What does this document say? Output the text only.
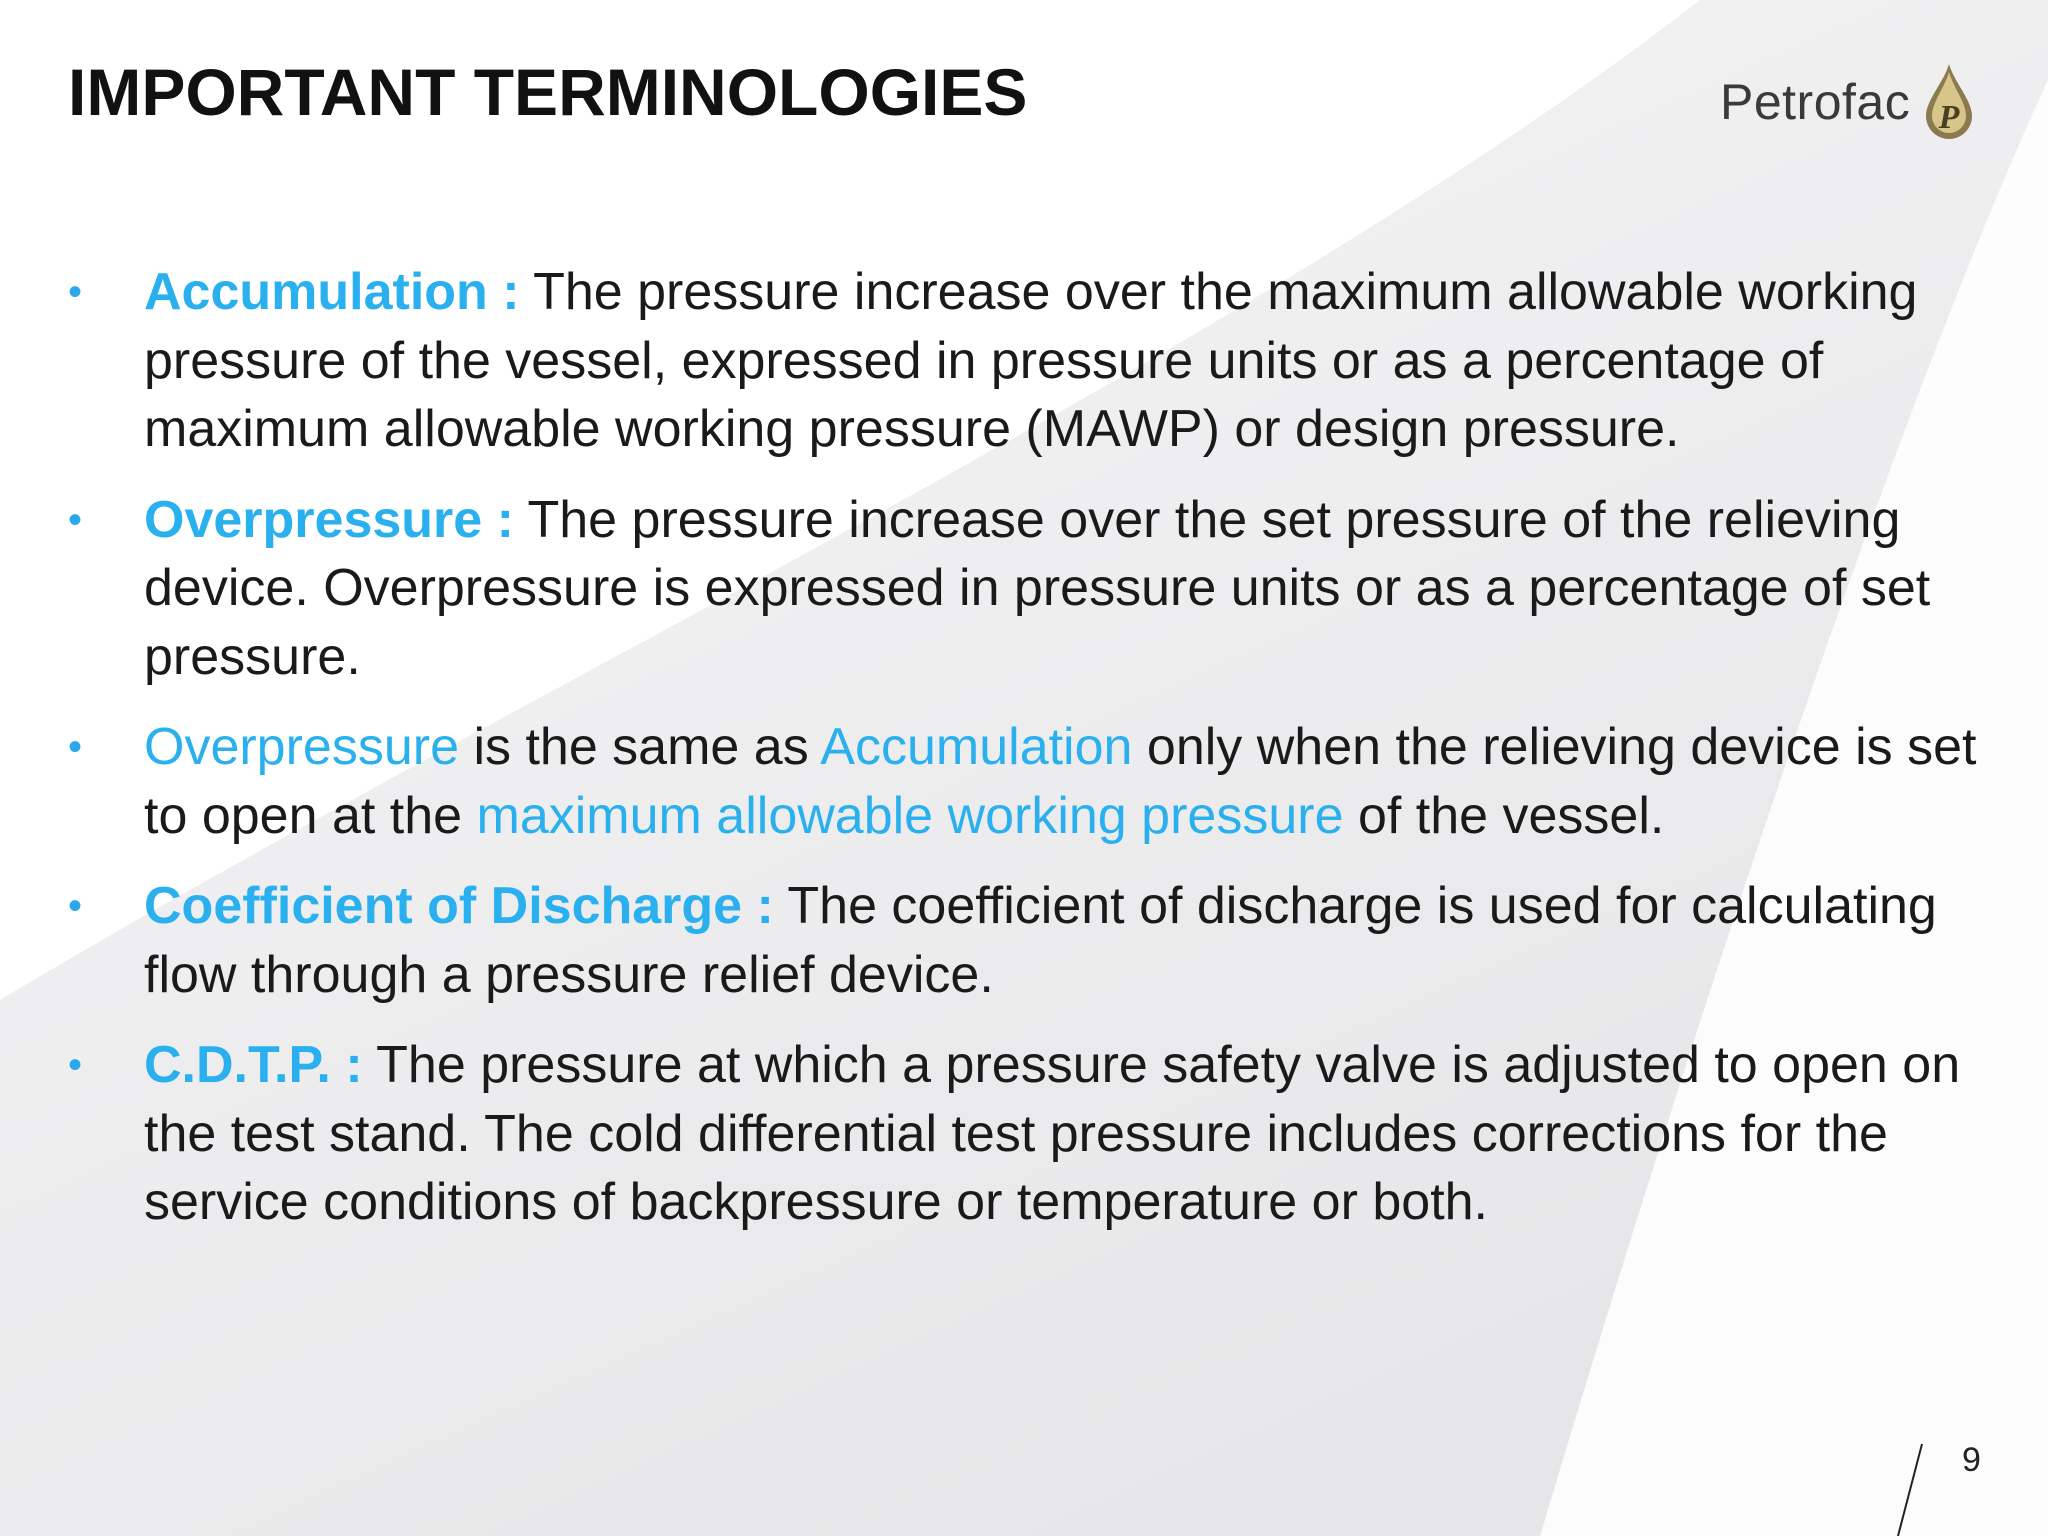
IMPORTANT TERMINOLOGIES	Petrofac P
• Accumulation : The pressure increase over the maximum allowable working pressure of the vessel, expressed in pressure units or as a percentage of maximum allowable working pressure (MAWP) or design pressure.
• Overpressure : The pressure increase over the set pressure of the relieving device. Overpressure is expressed in pressure units or as a percentage of set pressure.
• Overpressure is the same as Accumulation only when the relieving device is set to open at the maximum allowable working pressure of the vessel.
• Coefficient of Discharge : The coefficient of discharge is used for calculating flow through a pressure relief device.
• C.D.T.P. : The pressure at which a pressure safety valve is adjusted to open on the test stand. The cold differential test pressure includes corrections for the service conditions of backpressure or temperature or both.
9
